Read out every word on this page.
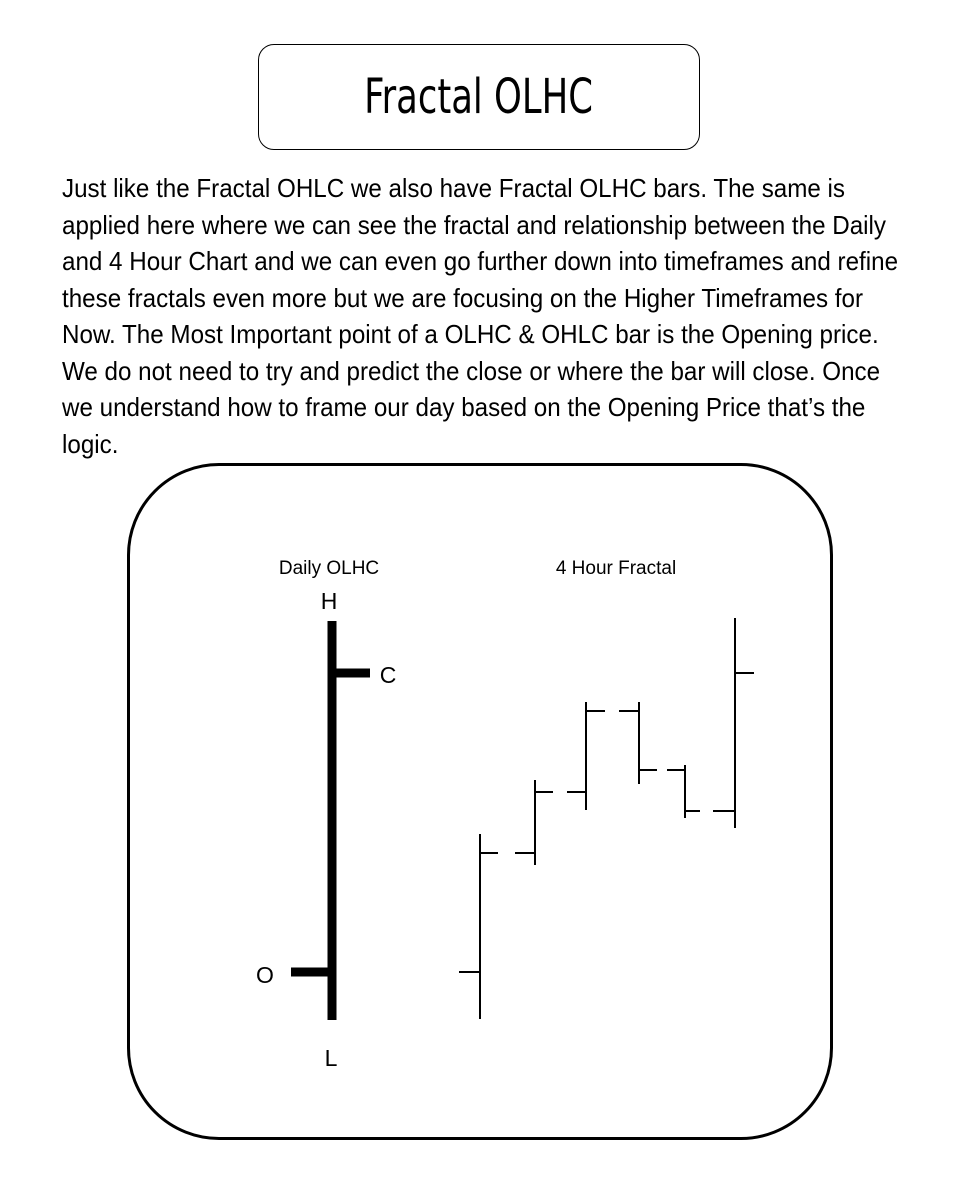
Fractal OLHC
Just like the Fractal OHLC we also have Fractal OLHC bars. The same is
applied here where we can see the fractal and relationship between the Daily
and 4 Hour Chart and we can even go further down into timeframes and refine
these fractals even more but we are focusing on the Higher Timeframes for
Now. The Most Important point of a OLHC & OHLC bar is the Opening price.
We do not need to try and predict the close or where the bar will close. Once
we understand how to frame our day based on the Opening Price that’s the
logic.
Daily OLHC	4 Hour Fractal
H
C
O
L
